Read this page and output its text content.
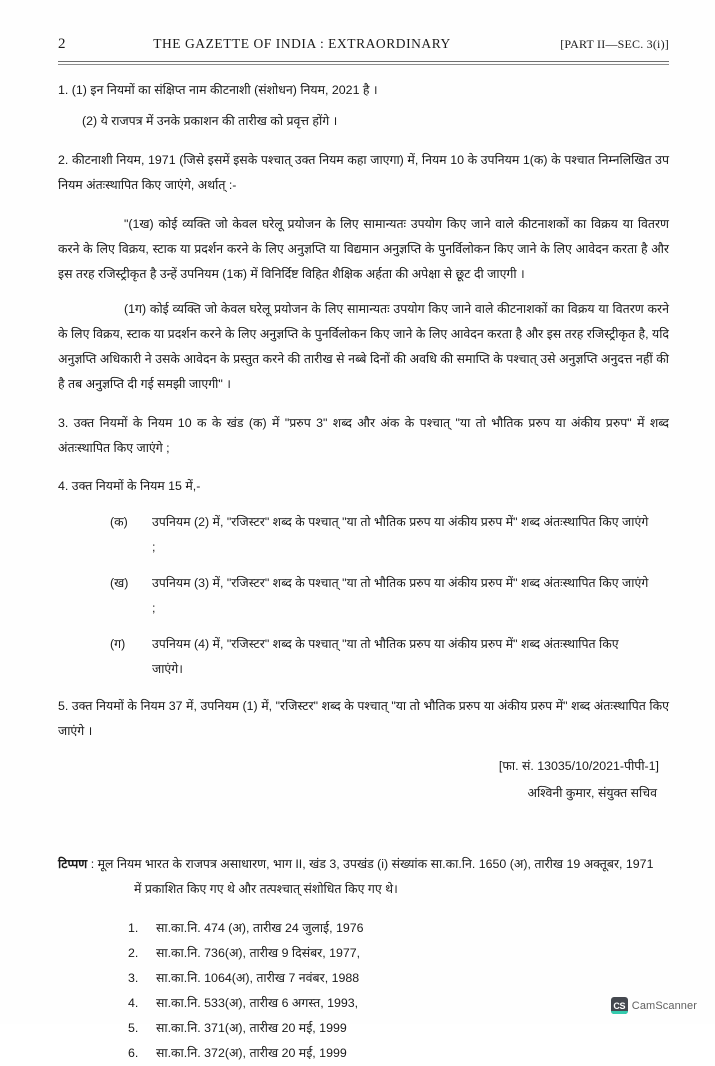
2	THE GAZETTE OF INDIA : EXTRAORDINARY	[PART II—SEC. 3(i)]

1. (1) इन नियमों का संक्षिप्त नाम कीटनाशी (संशोधन) नियम, 2021 है ।

(2) ये राजपत्र में उनके प्रकाशन की तारीख को प्रवृत्त होंगे ।

2. कीटनाशी नियम, 1971 (जिसे इसमें इसके पश्चात् उक्त नियम कहा जाएगा) में, नियम 10 के उपनियम 1(क) के पश्चात निम्नलिखित उप नियम अंतःस्थापित किए जाएंगे, अर्थात् :-

"(1ख) कोई व्यक्ति जो केवल घरेलू प्रयोजन के लिए सामान्यतः उपयोग किए जाने वाले कीटनाशकों का विक्रय या वितरण करने के लिए विक्रय, स्टाक या प्रदर्शन करने के लिए अनुज्ञप्ति या विद्यमान अनुज्ञप्ति के पुनर्विलोकन किए जाने के लिए आवेदन करता है और इस तरह रजिस्ट्रीकृत है उन्हें उपनियम (1क) में विनिर्दिष्ट विहित शैक्षिक अर्हता की अपेक्षा से छूट दी जाएगी ।

(1ग) कोई व्यक्ति जो केवल घरेलू प्रयोजन के लिए सामान्यतः उपयोग किए जाने वाले कीटनाशकों का विक्रय या वितरण करने के लिए विक्रय, स्टाक या प्रदर्शन करने के लिए अनुज्ञप्ति के पुनर्विलोकन किए जाने के लिए आवेदन करता है और इस तरह रजिस्ट्रीकृत है, यदि अनुज्ञप्ति अधिकारी ने उसके आवेदन के प्रस्तुत करने की तारीख से नब्बे दिनों की अवधि की समाप्ति के पश्चात् उसे अनुज्ञप्ति अनुदत्त नहीं की है तब अनुज्ञप्ति दी गई समझी जाएगी" ।

3. उक्त नियमों के नियम 10 क के खंड (क) में "प्ररुप 3" शब्द और अंक के पश्चात् "या तो भौतिक प्ररुप या अंकीय प्ररुप" में शब्द अंतःस्थापित किए जाएंगे ;

4. उक्त नियमों के नियम 15 में,-

(क)	उपनियम (2) में, "रजिस्टर" शब्द के पश्चात् "या तो भौतिक प्ररुप या अंकीय प्ररुप में" शब्द अंतःस्थापित किए जाएंगे ;
(ख)	उपनियम (3) में, "रजिस्टर" शब्द के पश्चात् "या तो भौतिक प्ररुप या अंकीय प्ररुप में" शब्द अंतःस्थापित किए जाएंगे ;
(ग)	उपनियम (4) में, "रजिस्टर" शब्द के पश्चात् "या तो भौतिक प्ररुप या अंकीय प्ररुप में" शब्द अंतःस्थापित किए जाएंगे।

5. उक्त नियमों के नियम 37 में, उपनियम (1) में, "रजिस्टर" शब्द के पश्चात् "या तो भौतिक प्ररुप या अंकीय प्ररुप में" शब्द अंतःस्थापित किए जाएंगे ।

[फा. सं. 13035/10/2021-पीपी-1]
अश्विनी कुमार, संयुक्त सचिव

टिप्पण : मूल नियम भारत के राजपत्र असाधारण, भाग II, खंड 3, उपखंड (i) संख्यांक सा.का.नि. 1650 (अ), तारीख 19 अक्तूबर, 1971 में प्रकाशित किए गए थे और तत्पश्चात् संशोधित किए गए थे।

1.	सा.का.नि. 474 (अ), तारीख 24 जुलाई, 1976
2.	सा.का.नि. 736(अ), तारीख 9 दिसंबर, 1977,
3.	सा.का.नि. 1064(अ), तारीख 7 नवंबर, 1988
4.	सा.का.नि. 533(अ), तारीख 6 अगस्त, 1993,
5.	सा.का.नि. 371(अ), तारीख 20 मई, 1999
6.	सा.का.नि. 372(अ), तारीख 20 मई, 1999
CS CamScanner
